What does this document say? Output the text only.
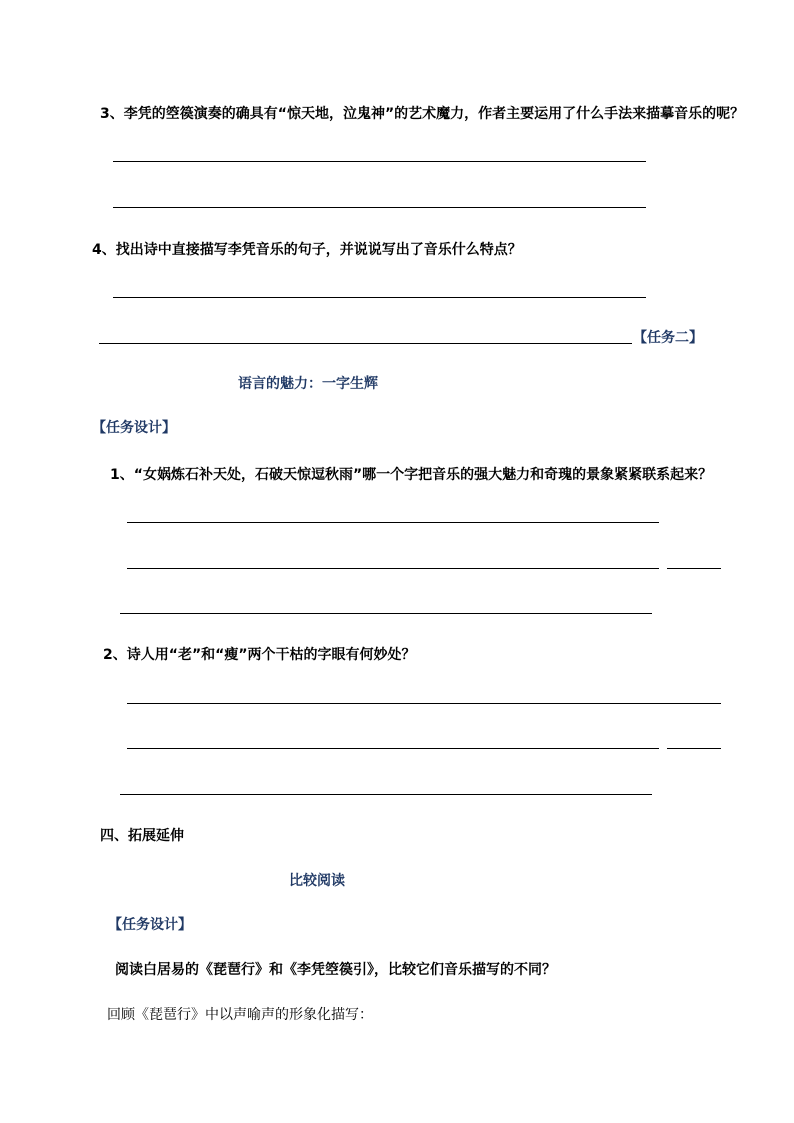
3、李凭的箜篌演奏的确具有“惊天地，泣鬼神”的艺术魔力，作者主要运用了什么手法来描摹音乐的呢？
4、找出诗中直接描写李凭音乐的句子，并说说写出了音乐什么特点？
【任务二】
语言的魅力：一字生辉
【任务设计】
1、“女娲炼石补天处，石破天惊逗秋雨”哪一个字把音乐的强大魅力和奇瑰的景象紧紧联系起来？
2、诗人用“老”和“瘦”两个干枯的字眼有何妙处？
四、拓展延伸
比较阅读
【任务设计】
阅读白居易的《琵琶行》和《李凭箜篌引》，比较它们音乐描写的不同？
回顾《琵琶行》中以声喻声的形象化描写：
